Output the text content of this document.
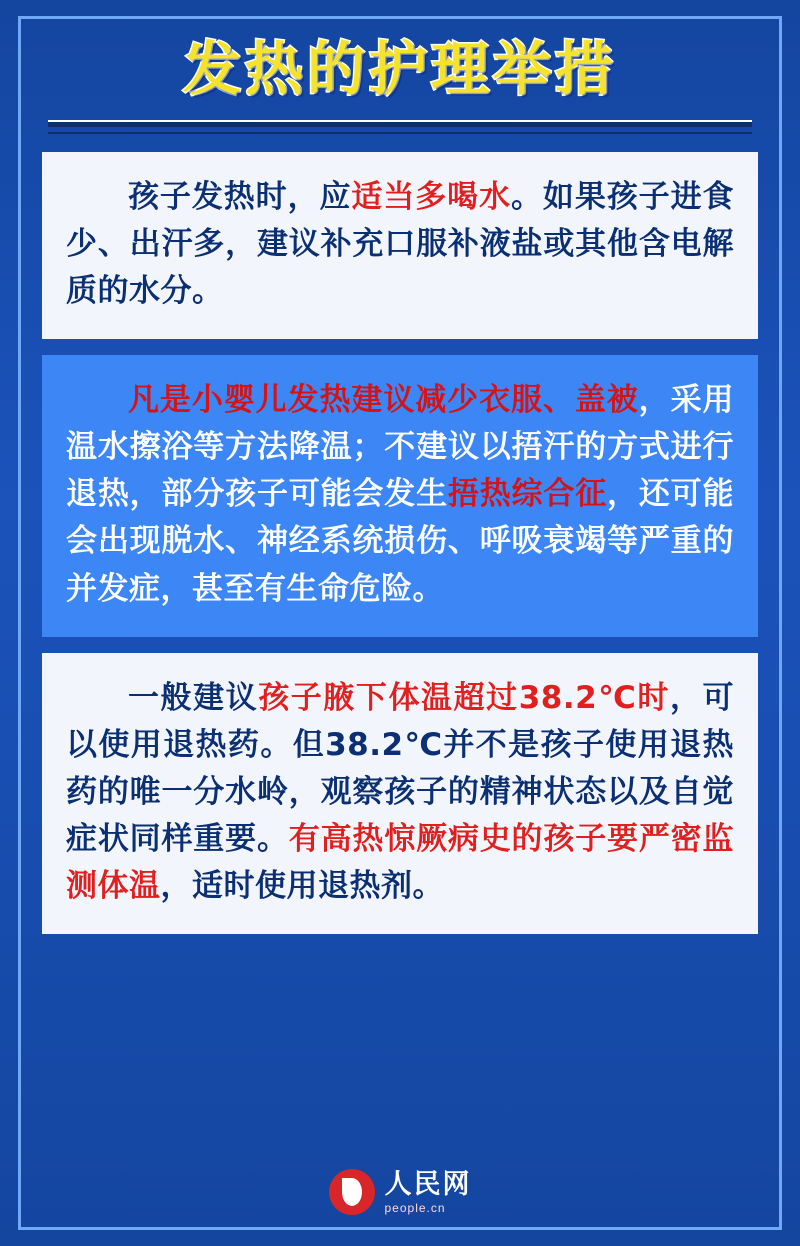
发热的护理举措

孩子发热时，应适当多喝水。如果孩子进食少、出汗多，建议补充口服补液盐或其他含电解质的水分。

凡是小婴儿发热建议减少衣服、盖被，采用温水擦浴等方法降温；不建议以捂汗的方式进行退热，部分孩子可能会发生捂热综合征，还可能会出现脱水、神经系统损伤、呼吸衰竭等严重的并发症，甚至有生命危险。

一般建议孩子腋下体温超过38.2℃时，可以使用退热药。但38.2℃并不是孩子使用退热药的唯一分水岭，观察孩子的精神状态以及自觉症状同样重要。有高热惊厥病史的孩子要严密监测体温，适时使用退热剂。

人民网
people.cn
